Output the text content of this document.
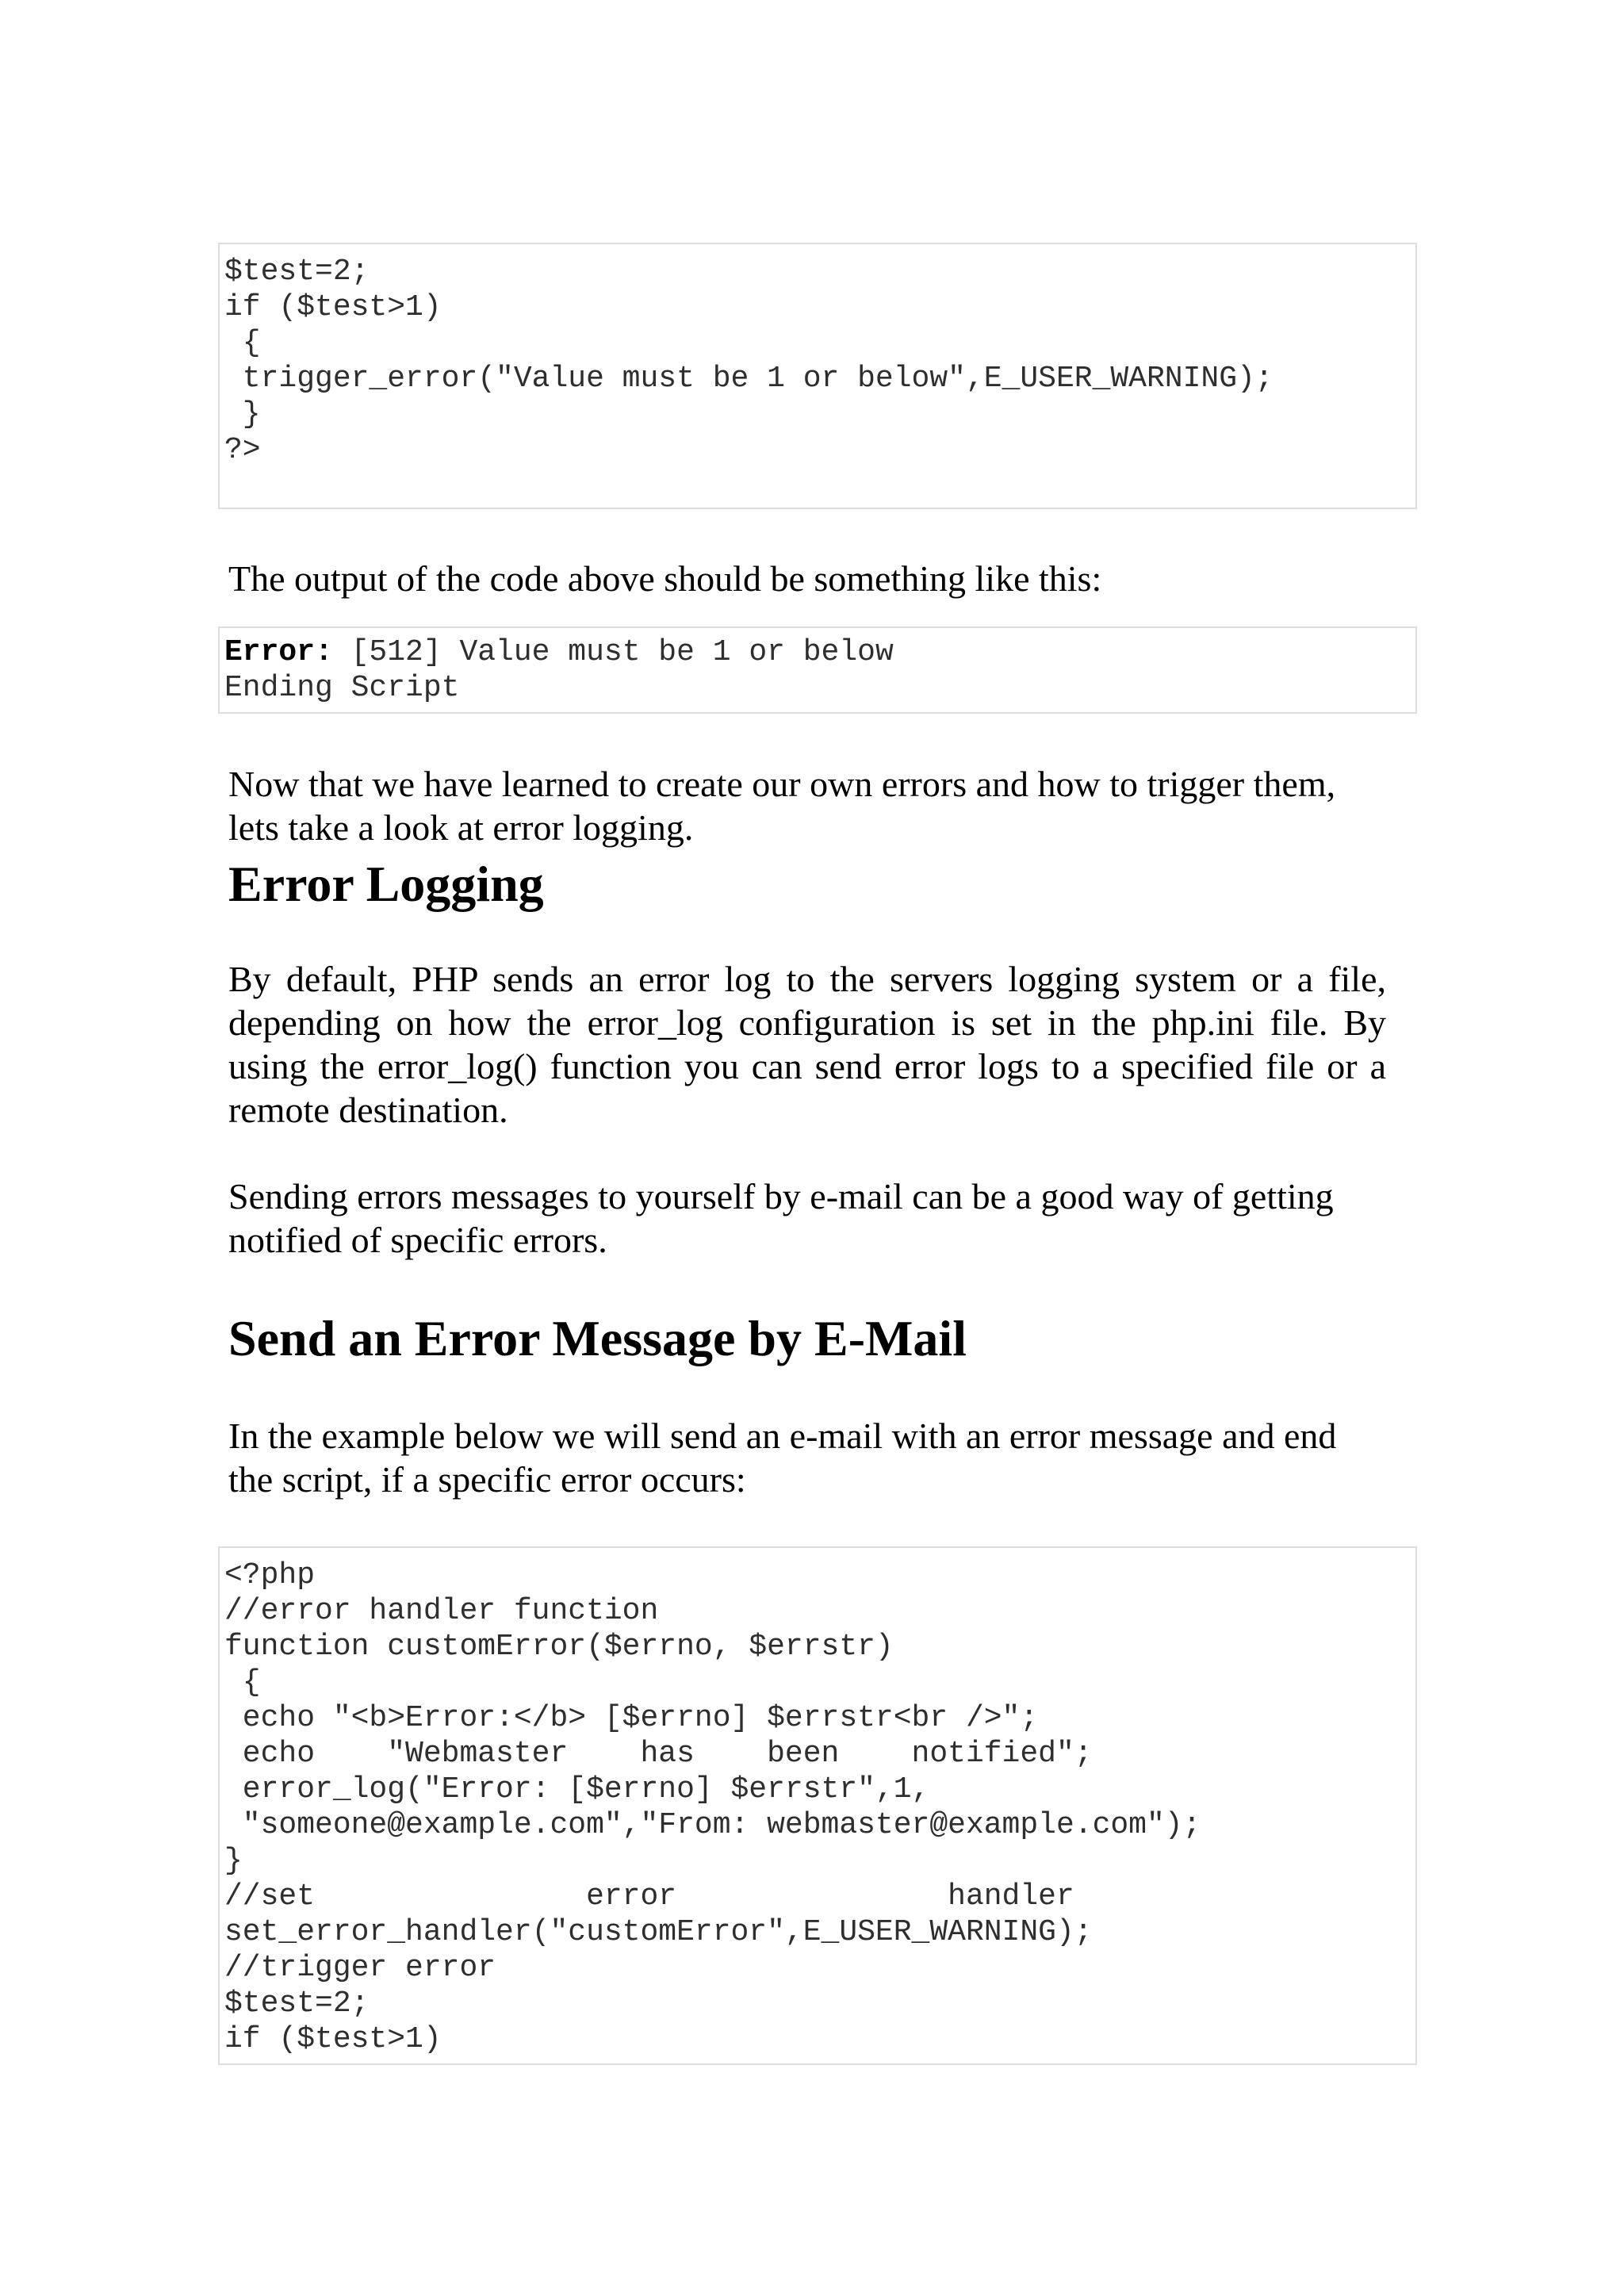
$test=2;
if ($test>1)
{
trigger_error("Value must be 1 or below",E_USER_WARNING);
}
?>

The output of the code above should be something like this:

Error: [512] Value must be 1 or below
Ending Script

Now that we have learned to create our own errors and how to trigger them, lets take a look at error logging.

Error Logging

By default, PHP sends an error log to the servers logging system or a file, depending on how the error_log configuration is set in the php.ini file. By using the error_log() function you can send error logs to a specified file or a remote destination.

Sending errors messages to yourself by e-mail can be a good way of getting notified of specific errors.

Send an Error Message by E-Mail

In the example below we will send an e-mail with an error message and end the script, if a specific error occurs:

<?php
//error handler function
function customError($errno, $errstr)
{
echo "<b>Error:</b> [$errno] $errstr<br />";
echo    "Webmaster    has    been    notified";
error_log("Error: [$errno] $errstr",1,
"someone@example.com","From: webmaster@example.com");
}
//set               error               handler
set_error_handler("customError",E_USER_WARNING);
//trigger error
$test=2;
if ($test>1)
